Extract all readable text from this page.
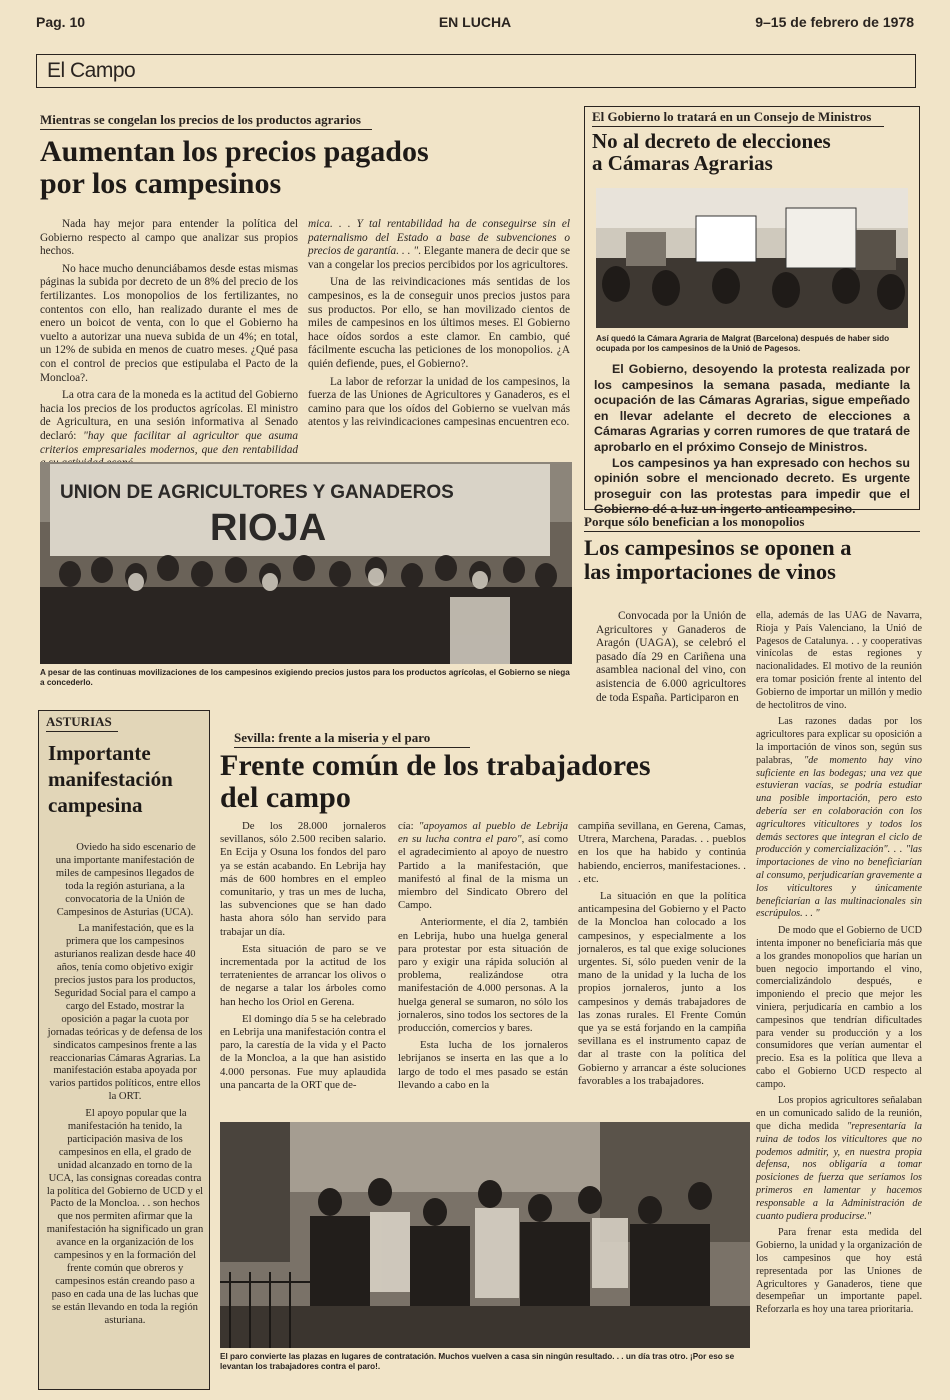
Pag. 10	EN LUCHA	9–15 de febrero de 1978
El Campo
Mientras se congelan los precios de los productos agrarios
Aumentan los precios pagados
por los campesinos

Nada hay mejor para entender la política del Gobierno respecto al campo que analizar sus propios hechos.

No hace mucho denunciábamos desde estas mismas páginas la subida por decreto de un 8% del precio de los fertilizantes. Los monopolios de los fertilizantes, no contentos con ello, han realizado durante el mes de enero un boicot de venta, con lo que el Gobierno ha vuelto a autorizar una nueva subida de un 4%; en total, un 12% de subida en menos de cuatro meses. ¿Qué pasa con el control de precios que estipulaba el Pacto de la Moncloa?.

La otra cara de la moneda es la actitud del Gobierno hacia los precios de los productos agrícolas. El ministro de Agricultura, en una sesión informativa al Senado declaró: "hay que facilitar al agricultor que asuma criterios empresariales modernos, que den rentabilidad

mica. . . Y tal rentabilidad ha de conseguirse sin el paternalismo del Estado a base de subvenciones o precios de garantía. . . ". Elegante manera de decir que se van a congelar los precios percibidos por los agricultores.

Una de las reivindicaciones más sentidas de los campesinos, es la de conseguir unos precios justos para sus productos. Por ello, se han movilizado cientos de miles de campesinos en los últimos meses. El Gobierno hace oídos sordos a este clamor. En cambio, qué fácilmente escucha las peticiones de los monopolios. ¿A quién defiende, pues, el Gobierno?.

La labor de reforzar la unidad de los campesinos, la fuerza de las Uniones de Agricultores y Ganaderos, es el camino para que los oídos del Gobierno se vuelvan más atentos y las reivindicaciones campesinas encuentren eco.

UNION DE AGRICULTORES Y GANADEROS
RIOJA
A pesar de las continuas movilizaciones de los campesinos exigiendo precios justos para los productos agrícolas, el Gobierno se niega a concederlo.
El Gobierno lo tratará en un Consejo de Ministros
No al decreto de elecciones
a Cámaras Agrarias
Así quedó la Cámara Agraria de Malgrat (Barcelona) después de haber sido ocupada por los campesinos de la Unió de Pagesos.

El Gobierno, desoyendo la protesta realizada por los campesinos la semana pasada, mediante la ocupación de las Cámaras Agrarias, sigue empeñado en llevar adelante el decreto de elecciones a Cámaras Agrarias y corren rumores de que tratará de aprobarlo en el próximo Consejo de Ministros.

Los campesinos ya han expresado con hechos su opinión sobre el mencionado decreto. Es urgente proseguir con las protestas para impedir que el Gobierno dé a luz un ingerto anticampesino.

Porque sólo benefician a los monopolios
Los campesinos se oponen a
las importaciones de vinos

Convocada por la Unión de Agricultores y Ganaderos de Aragón (UAGA), se celebró el pasado día 29 en Cariñena una asamblea nacional del vino, con asistencia de 6.000 agricultores de toda España. Participaron en

ella, además de las UAG de Navarra, Rioja y País Valenciano, la Unió de Pagesos de Catalunya. . . y cooperativas vinícolas de estas regiones y nacionalidades. El motivo de la reunión era tomar posición frente al intento del Gobierno de importar un millón y medio de hectolitros de vino.

Las razones dadas por los agricultores para explicar su oposición a la importación de vinos son, según sus palabras, "de momento hay vino suficiente en las bodegas; una vez que estuvieran vacías, se podría estudiar una posible importación, pero esto debería ser en colaboración con los agricultores viticultores y todos los demás sectores que integran el ciclo de producción y comercialización". . . "las importaciones de vino no beneficiarían al consumo, perjudicarían gravemente a los viticultores y únicamente beneficiarían a las multinacionales sin escrúpulos. . . "

De modo que el Gobierno de UCD intenta imponer no beneficiaría más que a los grandes monopolios que harían un buen negocio importando el vino, comercializándolo después, e imponiendo el precio que mejor les viniera, perjudicaría en cambio a los campesinos que tendrían dificultades para vender su producción y a los consumidores que verían aumentar el precio. Esa es la política que lleva a cabo el Gobierno UCD respecto al campo.

Los propios agricultores señalaban en un comunicado salido de la reunión, que dicha medida "representaría la ruina de todos los viticultores que no podemos admitir, y, en nuestra propia defensa, nos obligaría a tomar posiciones de fuerza que seríamos los primeros en lamentar y hacemos responsable a la Administración de cuanto pudiera producirse."

Para frenar esta medida del Gobierno, la unidad y la organización de los campesinos que hoy está representada por las Uniones de Agricultores y Ganaderos, tiene que desempeñar un importante papel. Reforzarla es hoy una tarea prioritaria.

ASTURIAS
Importante
manifestación
campesina

Oviedo ha sido escenario de una importante manifestación de miles de campesinos llegados de toda la región asturiana, a la convocatoria de la Unión de Campesinos de Asturias (UCA).

La manifestación, que es la primera que los campesinos asturianos realizan desde hace 40 años, tenía como objetivo exigir precios justos para los productos, Seguridad Social para el campo a cargo del Estado, mostrar la oposición a pagar la cuota por jornadas teóricas y de defensa de los sindicatos campesinos frente a las reaccionarias Cámaras Agrarias. La manifestación estaba apoyada por varios partidos políticos, entre ellos la ORT.

El apoyo popular que la manifestación ha tenido, la participación masiva de los campesinos en ella, el grado de unidad alcanzado en torno de la UCA, las consignas coreadas contra la política del Gobierno de UCD y el Pacto de la Moncloa. . . son hechos que nos permiten afirmar que la manifestación ha significado un gran avance en la organización de los campesinos y en la formación del frente común que obreros y campesinos están creando paso a paso en cada una de las luchas que se están llevando en toda la región asturiana.

Sevilla: frente a la miseria y el paro
Frente común de los trabajadores
del campo

De los 28.000 jornaleros sevillanos, sólo 2.500 reciben salario. En Ecija y Osuna los fondos del paro ya se están acabando. En Lebrija hay más de 600 hombres en el empleo comunitario, y tras un mes de lucha, las subvenciones que se han dado hasta ahora sólo han servido para trabajar un día.

Esta situación de paro se ve incrementada por la actitud de los terratenientes de arrancar los olivos o de negarse a talar los árboles como han hecho los Oriol en Gerena.

El domingo día 5 se ha celebrado en Lebrija una manifestación contra el paro, la carestía de la vida y el Pacto de la Moncloa, a la que han asistido 4.000 personas. Fue muy aplaudida una pancarta de la ORT que de-

cía: "apoyamos al pueblo de Lebrija en su lucha contra el paro", así como el agradecimiento al apoyo de nuestro Partido a la manifestación, que manifestó al final de la misma un miembro del Sindicato Obrero del Campo.

Anteriormente, el día 2, también en Lebrija, hubo una huelga general para protestar por esta situación de paro y exigir una rápida solución al problema, realizándose otra manifestación de 4.000 personas. A la huelga general se sumaron, no sólo los jornaleros, sino todos los sectores de la producción, comercios y bares.

Esta lucha de los jornaleros lebrijanos se inserta en las que a lo largo de todo el mes pasado se están llevando a cabo en la

campiña sevillana, en Gerena, Camas, Utrera, Marchena, Paradas. . . pueblos en los que ha habido y continúa habiendo, encierros, manifestaciones. . . etc.

La situación en que la política anticampesina del Gobierno y el Pacto de la Moncloa han colocado a los campesinos, y especialmente a los jornaleros, es tal que exige soluciones urgentes. Sí, sólo pueden venir de la mano de la unidad y la lucha de los propios jornaleros, junto a los campesinos y demás trabajadores de las zonas rurales. El Frente Común que ya se está forjando en la campiña sevillana es el instrumento capaz de dar al traste con la política del Gobierno y arrancar a éste soluciones favorables a los trabajadores.

El paro convierte las plazas en lugares de contratación. Muchos vuelven a casa sin ningún resultado. . . un día tras otro. ¡Por eso se levantan los trabajadores contra el paro!.
